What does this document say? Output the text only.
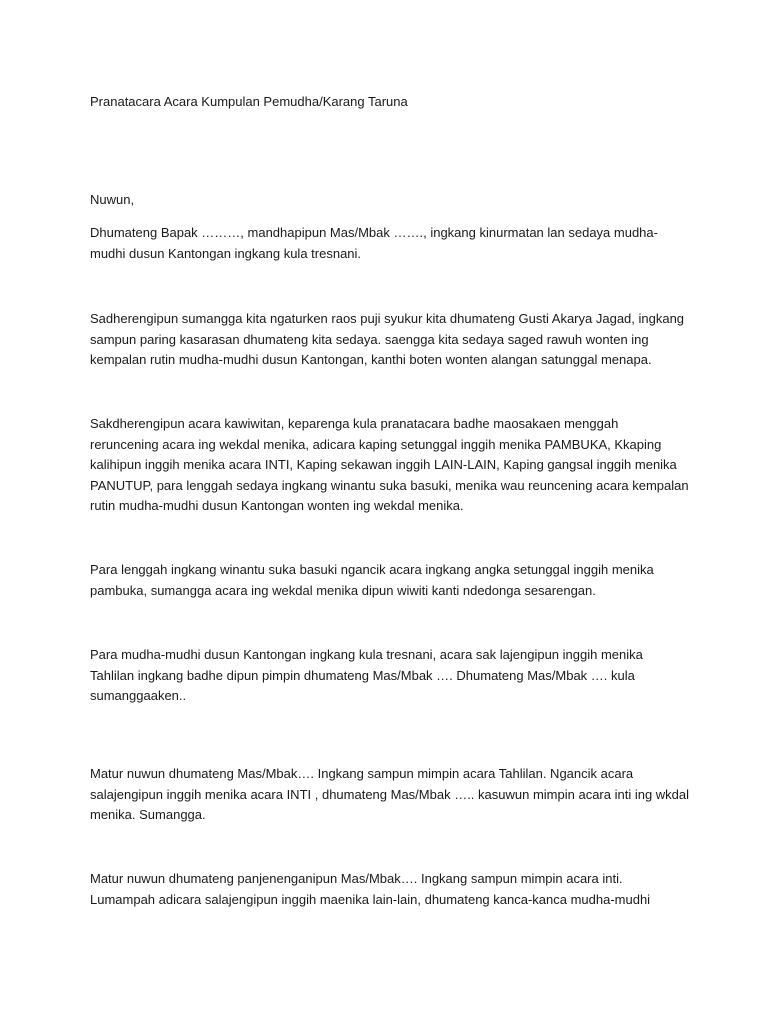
Pranatacara Acara Kumpulan Pemudha/Karang Taruna

Nuwun,

Dhumateng Bapak ………, mandhapipun Mas/Mbak ……., ingkang kinurmatan lan sedaya mudha-mudhi dusun Kantongan ingkang kula tresnani.

Sadherengipun sumangga kita ngaturken raos puji syukur kita dhumateng Gusti Akarya Jagad, ingkang sampun paring kasarasan dhumateng kita sedaya. saengga kita sedaya saged rawuh wonten ing kempalan rutin mudha-mudhi dusun Kantongan, kanthi boten wonten alangan satunggal menapa.

Sakdherengipun acara kawiwitan, keparenga kula pranatacara badhe maosakaen menggah reruncening acara ing wekdal menika, adicara kaping setunggal inggih menika PAMBUKA, Kkaping kalihipun inggih menika acara INTI, Kaping sekawan inggih LAIN-LAIN, Kaping gangsal inggih menika PANUTUP, para lenggah sedaya ingkang winantu suka basuki, menika wau reuncening acara kempalan rutin mudha-mudhi dusun Kantongan wonten ing wekdal menika.

Para lenggah ingkang winantu suka basuki ngancik acara ingkang angka setunggal inggih menika pambuka, sumangga acara ing wekdal menika dipun wiwiti kanti ndedonga sesarengan.

Para mudha-mudhi dusun Kantongan ingkang kula tresnani, acara sak lajengipun inggih menika Tahlilan ingkang badhe dipun pimpin dhumateng Mas/Mbak …. Dhumateng Mas/Mbak …. kula sumanggaaken..

Matur nuwun dhumateng Mas/Mbak…. Ingkang sampun mimpin acara Tahlilan. Ngancik acara salajengipun inggih menika acara INTI , dhumateng Mas/Mbak ….. kasuwun mimpin acara inti ing wkdal menika. Sumangga.

Matur nuwun dhumateng panjenenganipun Mas/Mbak…. Ingkang sampun mimpin acara inti. Lumampah adicara salajengipun inggih maenika lain-lain, dhumateng kanca-kanca mudha-mudhi
